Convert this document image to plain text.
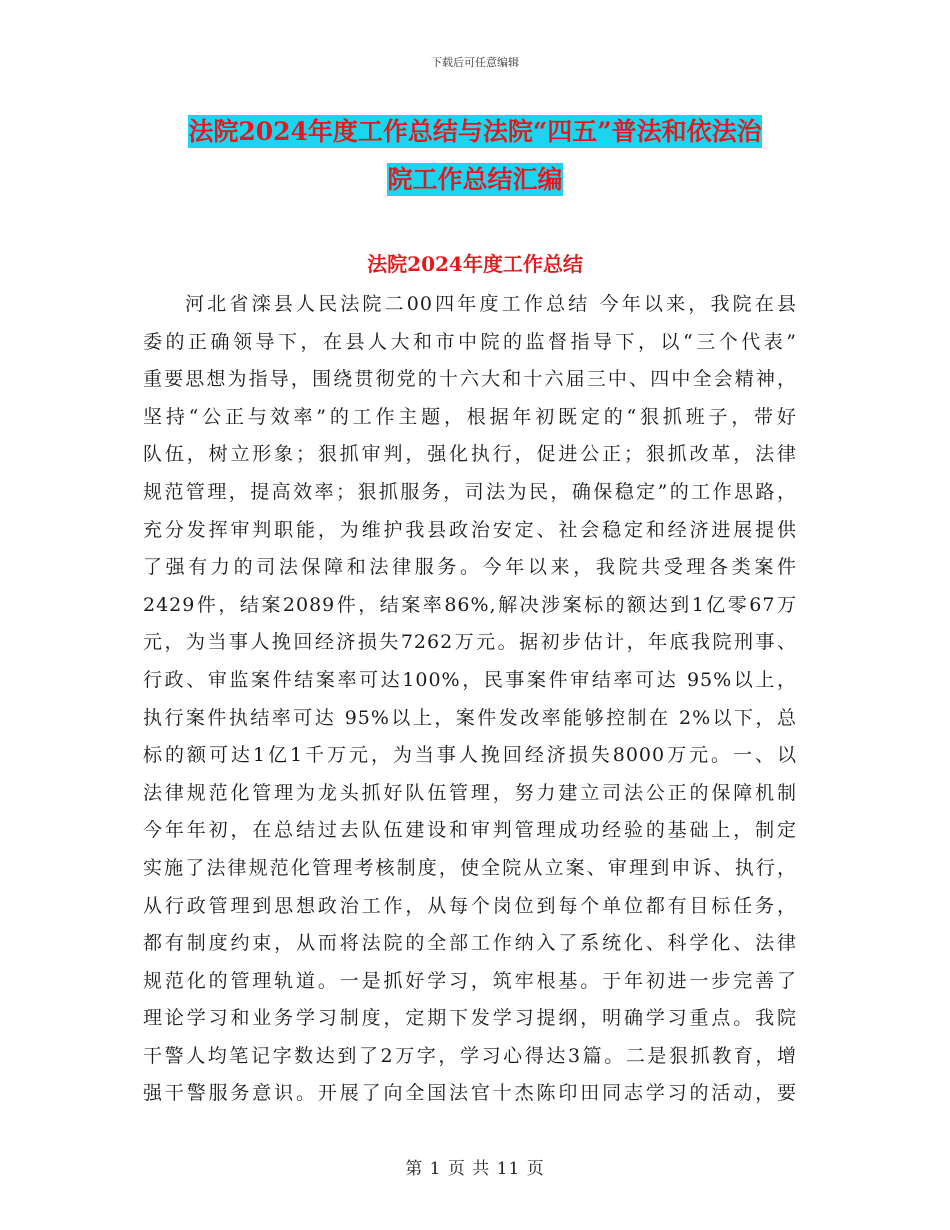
下载后可任意编辑
法院2024年度工作总结与法院“四五”普法和依法治
院工作总结汇编
法院2024年度工作总结
河北省滦县人民法院二00四年度工作总结 今年以来，我院在县
委的正确领导下，在县人大和市中院的监督指导下，以“三个代表”
重要思想为指导，围绕贯彻党的十六大和十六届三中、四中全会精神，
坚持“公正与效率”的工作主题，根据年初既定的“狠抓班子，带好
队伍，树立形象；狠抓审判，强化执行，促进公正；狠抓改革，法律
规范管理，提高效率；狠抓服务，司法为民，确保稳定”的工作思路，
充分发挥审判职能，为维护我县政治安定、社会稳定和经济进展提供
了强有力的司法保障和法律服务。今年以来，我院共受理各类案件
2429件，结案2089件，结案率86%,解决涉案标的额达到1亿零67万
元，为当事人挽回经济损失7262万元。据初步估计，年底我院刑事、
行政、审监案件结案率可达100%，民事案件审结率可达 95%以上，
执行案件执结率可达 95%以上，案件发改率能够控制在 2%以下，总
标的额可达1亿1千万元，为当事人挽回经济损失8000万元。一、以
法律规范化管理为龙头抓好队伍管理，努力建立司法公正的保障机制
今年年初，在总结过去队伍建设和审判管理成功经验的基础上，制定
实施了法律规范化管理考核制度，使全院从立案、审理到申诉、执行，
从行政管理到思想政治工作，从每个岗位到每个单位都有目标任务，
都有制度约束，从而将法院的全部工作纳入了系统化、科学化、法律
规范化的管理轨道。一是抓好学习，筑牢根基。于年初进一步完善了
理论学习和业务学习制度，定期下发学习提纲，明确学习重点。我院
干警人均笔记字数达到了2万字，学习心得达3篇。二是狠抓教育，增
强干警服务意识。开展了向全国法官十杰陈印田同志学习的活动，要
第 1 页 共 11 页
